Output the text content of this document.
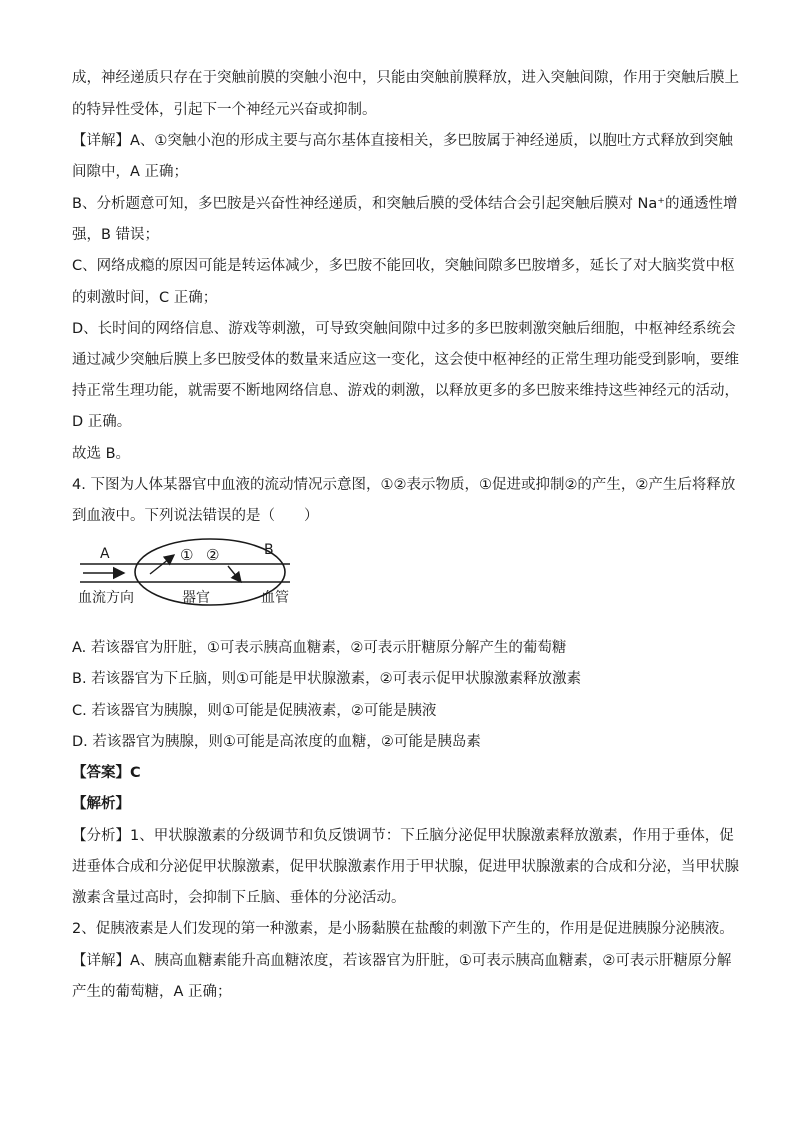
成，神经递质只存在于突触前膜的突触小泡中，只能由突触前膜释放，进入突触间隙，作用于突触后膜上
的特异性受体，引起下一个神经元兴奋或抑制。
【详解】A、①突触小泡的形成主要与高尔基体直接相关，多巴胺属于神经递质，以胞吐方式释放到突触
间隙中，A 正确；
B、分析题意可知，多巴胺是兴奋性神经递质，和突触后膜的受体结合会引起突触后膜对 Na⁺的通透性增
强，B 错误；
C、网络成瘾的原因可能是转运体减少，多巴胺不能回收，突触间隙多巴胺增多，延长了对大脑奖赏中枢
的刺激时间，C 正确；
D、长时间的网络信息、游戏等刺激，可导致突触间隙中过多的多巴胺刺激突触后细胞，中枢神经系统会
通过减少突触后膜上多巴胺受体的数量来适应这一变化，这会使中枢神经的正常生理功能受到影响，要维
持正常生理功能，就需要不断地网络信息、游戏的刺激，以释放更多的多巴胺来维持这些神经元的活动，
D 正确。
故选 B。
4. 下图为人体某器官中血液的流动情况示意图，①②表示物质，①促进或抑制②的产生，②产生后将释放
到血液中。下列说法错误的是（　　）
A	B
① ②
血流方向	器官	血管
A. 若该器官为肝脏，①可表示胰高血糖素，②可表示肝糖原分解产生的葡萄糖
B. 若该器官为下丘脑，则①可能是甲状腺激素，②可表示促甲状腺激素释放激素
C. 若该器官为胰腺，则①可能是促胰液素，②可能是胰液
D. 若该器官为胰腺，则①可能是高浓度的血糖，②可能是胰岛素
【答案】C
【解析】
【分析】1、甲状腺激素的分级调节和负反馈调节：下丘脑分泌促甲状腺激素释放激素，作用于垂体，促
进垂体合成和分泌促甲状腺激素，促甲状腺激素作用于甲状腺，促进甲状腺激素的合成和分泌，当甲状腺
激素含量过高时，会抑制下丘脑、垂体的分泌活动。
2、促胰液素是人们发现的第一种激素，是小肠黏膜在盐酸的刺激下产生的，作用是促进胰腺分泌胰液。
【详解】A、胰高血糖素能升高血糖浓度，若该器官为肝脏，①可表示胰高血糖素，②可表示肝糖原分解
产生的葡萄糖，A 正确；
